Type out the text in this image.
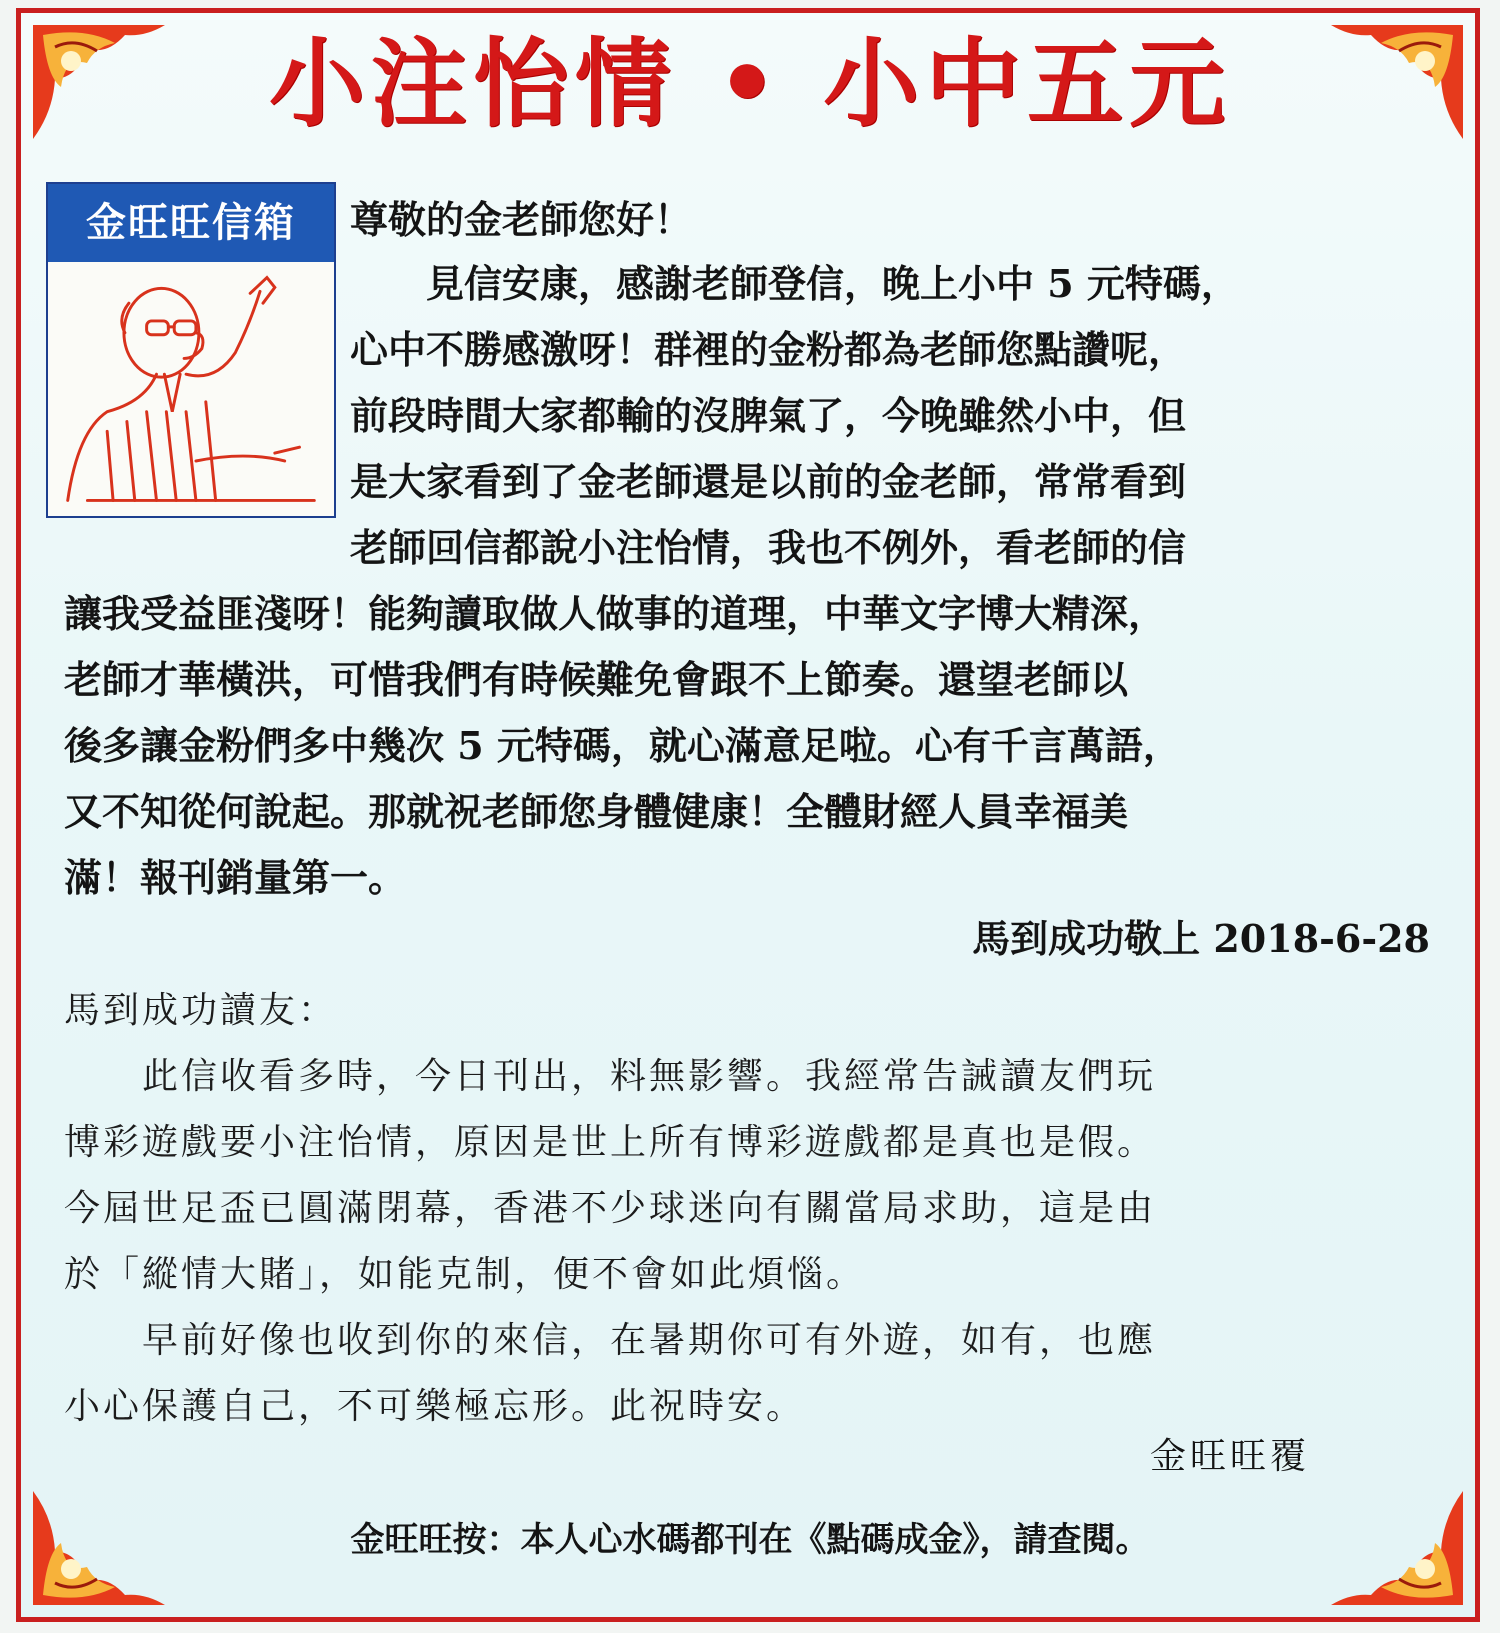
小注怡情 • 小中五元
金旺旺信箱	尊敬的金老師您好！
　　見信安康，感謝老師登信，晚上小中 5 元特碼，
心中不勝感激呀！群裡的金粉都為老師您點讚呢，
前段時間大家都輸的沒脾氣了，今晚雖然小中，但
是大家看到了金老師還是以前的金老師，常常看到
老師回信都說小注怡情，我也不例外，看老師的信
讓我受益匪淺呀！能夠讀取做人做事的道理，中華文字博大精深，
老師才華橫洪，可惜我們有時候難免會跟不上節奏。還望老師以
後多讓金粉們多中幾次 5 元特碼，就心滿意足啦。心有千言萬語，
又不知從何說起。那就祝老師您身體健康！全體財經人員幸福美
滿！報刊銷量第一。
馬到成功敬上 2018-6-28
馬到成功讀友：
　　此信收看多時，今日刊出，料無影響。我經常告誡讀友們玩
博彩遊戲要小注怡情，原因是世上所有博彩遊戲都是真也是假。
今屆世足盃已圓滿閉幕，香港不少球迷向有關當局求助，這是由
於「縱情大賭」，如能克制，便不會如此煩惱。
　　早前好像也收到你的來信，在暑期你可有外遊，如有，也應
小心保護自己，不可樂極忘形。此祝時安。
金旺旺覆
金旺旺按：本人心水碼都刊在《點碼成金》，請查閱。
